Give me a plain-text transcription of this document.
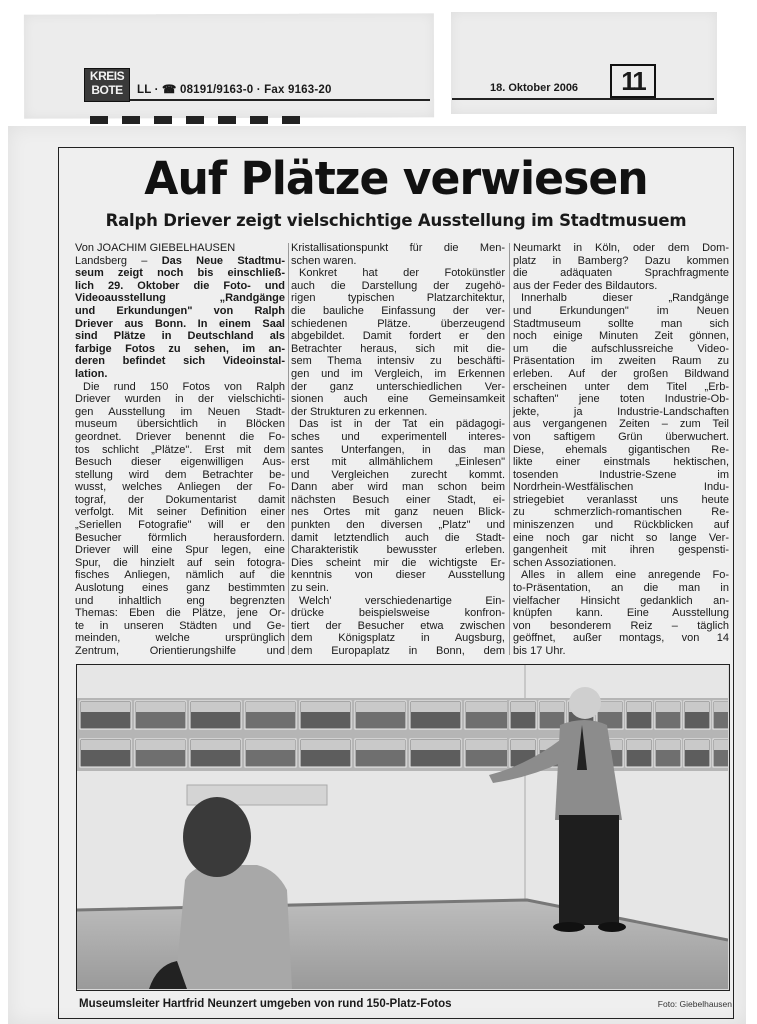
KREIS
BOTE	LL · ☎ 08191/9163-0 · Fax 9163-20	18. Oktober 2006	11
Auf Plätze verwiesen
Ralph Driever zeigt vielschichtige Ausstellung im Stadtmusuem
Von JOACHIM GIEBELHAUSEN
Landsberg – Das Neue Stadtmu-
seum zeigt noch bis einschließ-
lich 29. Oktober die Foto- und
Videoausstellung „Randgänge
und Erkundungen" von Ralph
Driever aus Bonn. In einem Saal
sind Plätze in Deutschland als
farbige Fotos zu sehen, im an-
deren befindet sich Videoinstal-
lation.
Die rund 150 Fotos von Ralph
Driever wurden in der vielschichti-
gen Ausstellung im Neuen Stadt-
museum übersichtlich in Blöcken
geordnet. Driever benennt die Fo-
tos schlicht „Plätze". Erst mit dem
Besuch dieser eigenwilligen Aus-
stellung wird dem Betrachter be-
wusst, welches Anliegen der Fo-
tograf, der Dokumentarist damit
verfolgt. Mit seiner Definition einer
„Seriellen Fotografie" will er den
Besucher förmlich herausfordern.
Driever will eine Spur legen, eine
Spur, die hinzielt auf sein fotogra-
fisches Anliegen, nämlich auf die
Auslotung eines ganz bestimmten
und inhaltlich eng begrenzten
Themas: Eben die Plätze, jene Or-
te in unseren Städten und Ge-
meinden, welche ursprünglich
Zentrum, Orientierungshilfe und
Kristallisationspunkt für die Men-
schen waren.
Konkret hat der Fotokünstler
auch die Darstellung der zugehö-
rigen typischen Platzarchitektur,
die bauliche Einfassung der ver-
schiedenen Plätze. überzeugend
abgebildet. Damit fordert er den
Betrachter heraus, sich mit die-
sem Thema intensiv zu beschäfti-
gen und im Vergleich, im Erkennen
der ganz unterschiedlichen Ver-
sionen auch eine Gemeinsamkeit
der Strukturen zu erkennen.
Das ist in der Tat ein pädagogi-
sches und experimentell interes-
santes Unterfangen, in das man
erst mit allmählichem „Einlesen"
und Vergleichen zurecht kommt.
Dann aber wird man schon beim
nächsten Besuch einer Stadt, ei-
nes Ortes mit ganz neuen Blick-
punkten den diversen „Platz" und
damit letztendlich auch die Stadt-
Charakteristik bewusster erleben.
Dies scheint mir die wichtigste Er-
kenntnis von dieser Ausstellung
zu sein.
Welch' verschiedenartige Ein-
drücke beispielsweise konfron-
tiert der Besucher etwa zwischen
dem Königsplatz in Augsburg,
dem Europaplatz in Bonn, dem
Neumarkt in Köln, oder dem Dom-
platz in Bamberg? Dazu kommen
die adäquaten Sprachfragmente
aus der Feder des Bildautors.
Innerhalb dieser „Randgänge
und Erkundungen" im Neuen
Stadtmuseum sollte man sich
noch einige Minuten Zeit gönnen,
um die aufschlussreiche Video-
Präsentation im zweiten Raum zu
erleben. Auf der großen Bildwand
erscheinen unter dem Titel „Erb-
schaften" jene toten Industrie-Ob-
jekte, ja Industrie-Landschaften
aus vergangenen Zeiten – zum Teil
von saftigem Grün überwuchert.
Diese, ehemals gigantischen Re-
likte einer einstmals hektischen,
tosenden Industrie-Szene im
Nordrhein-Westfälischen Indu-
striegebiet veranlasst uns heute
zu schmerzlich-romantischen Re-
miniszenzen und Rückblicken auf
eine noch gar nicht so lange Ver-
gangenheit mit ihren gespensti-
schen Assoziationen.
Alles in allem eine anregende Fo-
to-Präsentation, an die man in
vielfacher Hinsicht gedanklich an-
knüpfen kann. Eine Ausstellung
von besonderem Reiz – täglich
geöffnet, außer montags, von 14
bis 17 Uhr.
Museumsleiter Hartfrid Neunzert umgeben von rund 150-Platz-Fotos	Foto: Giebelhausen
